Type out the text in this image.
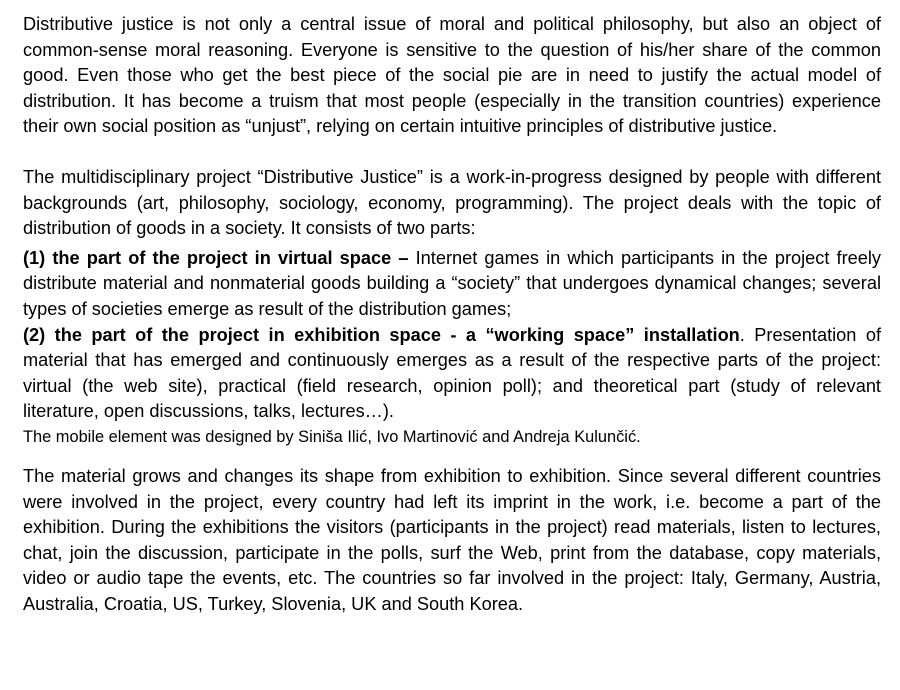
Distributive justice is not only a central issue of moral and political philosophy, but also an object of common-sense moral reasoning. Everyone is sensitive to the question of his/her share of the common good. Even those who get the best piece of the social pie are in need to justify the actual model of distribution. It has become a truism that most people (especially in the transition countries) experience their own social position as “unjust”, relying on certain intuitive principles of distributive justice.

The multidisciplinary project “Distributive Justice” is a work-in-progress designed by people with different backgrounds (art, philosophy, sociology, economy, programming). The project deals with the topic of distribution of goods in a society. It consists of two parts:

(1) the part of the project in virtual space – Internet games in which participants in the project freely distribute material and nonmaterial goods building a “society” that undergoes dynamical changes; several types of societies emerge as result of the distribution games;

(2) the part of the project in exhibition space - a “working space” installation. Presentation of material that has emerged and continuously emerges as a result of the respective parts of the project: virtual (the web site), practical (field research, opinion poll); and theoretical part (study of relevant literature, open discussions, talks, lectures…).

The mobile element was designed by Siniša Ilić, Ivo Martinović and Andreja Kulunčić.

The material grows and changes its shape from exhibition to exhibition. Since several different countries were involved in the project, every country had left its imprint in the work, i.e. become a part of the exhibition. During the exhibitions the visitors (participants in the project) read materials, listen to lectures, chat, join the discussion, participate in the polls, surf the Web, print from the database, copy materials, video or audio tape the events, etc. The countries so far involved in the project: Italy, Germany, Austria, Australia, Croatia, US, Turkey, Slovenia, UK and South Korea.
